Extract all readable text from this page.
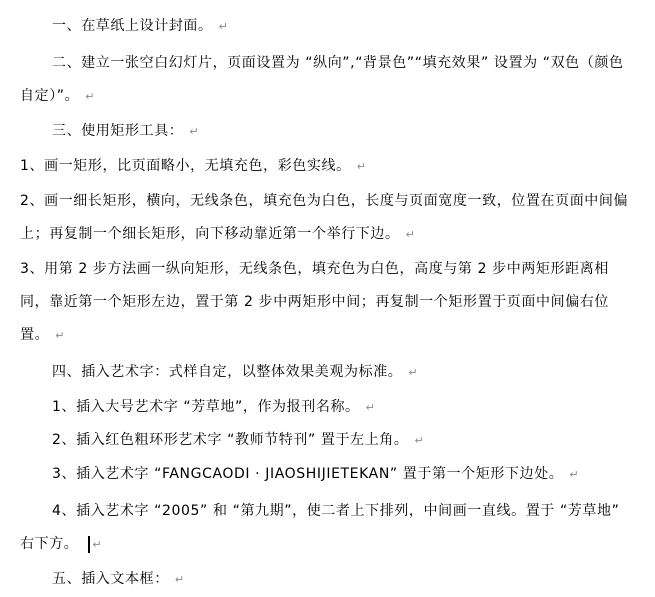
一、在草纸上设计封面。 ↵
二、建立一张空白幻灯片，页面设置为 “纵向”,“背景色”“填充效果” 设置为 “双色（颜色自定）”。 ↵
三、使用矩形工具： ↵
1、画一矩形，比页面略小，无填充色，彩色实线。 ↵
2、画一细长矩形，横向，无线条色，填充色为白色，长度与页面宽度一致，位置在页面中间偏上；再复制一个细长矩形，向下移动靠近第一个举行下边。 ↵
3、用第 2 步方法画一纵向矩形，无线条色，填充色为白色，高度与第 2 步中两矩形距离相同，靠近第一个矩形左边，置于第 2 步中两矩形中间；再复制一个矩形置于页面中间偏右位置。 ↵
四、插入艺术字：式样自定，以整体效果美观为标准。 ↵
1、插入大号艺术字 “芳草地”，作为报刊名称。 ↵
2、插入红色粗环形艺术字 “教师节特刊” 置于左上角。 ↵
3、插入艺术字 “FANGCAODI · JIAOSHIJIETEKAN” 置于第一个矩形下边处。 ↵
4、插入艺术字 “2005” 和 “第九期”，使二者上下排列，中间画一直线。置于 “芳草地” 右下方。 ↵
五、插入文本框： ↵
